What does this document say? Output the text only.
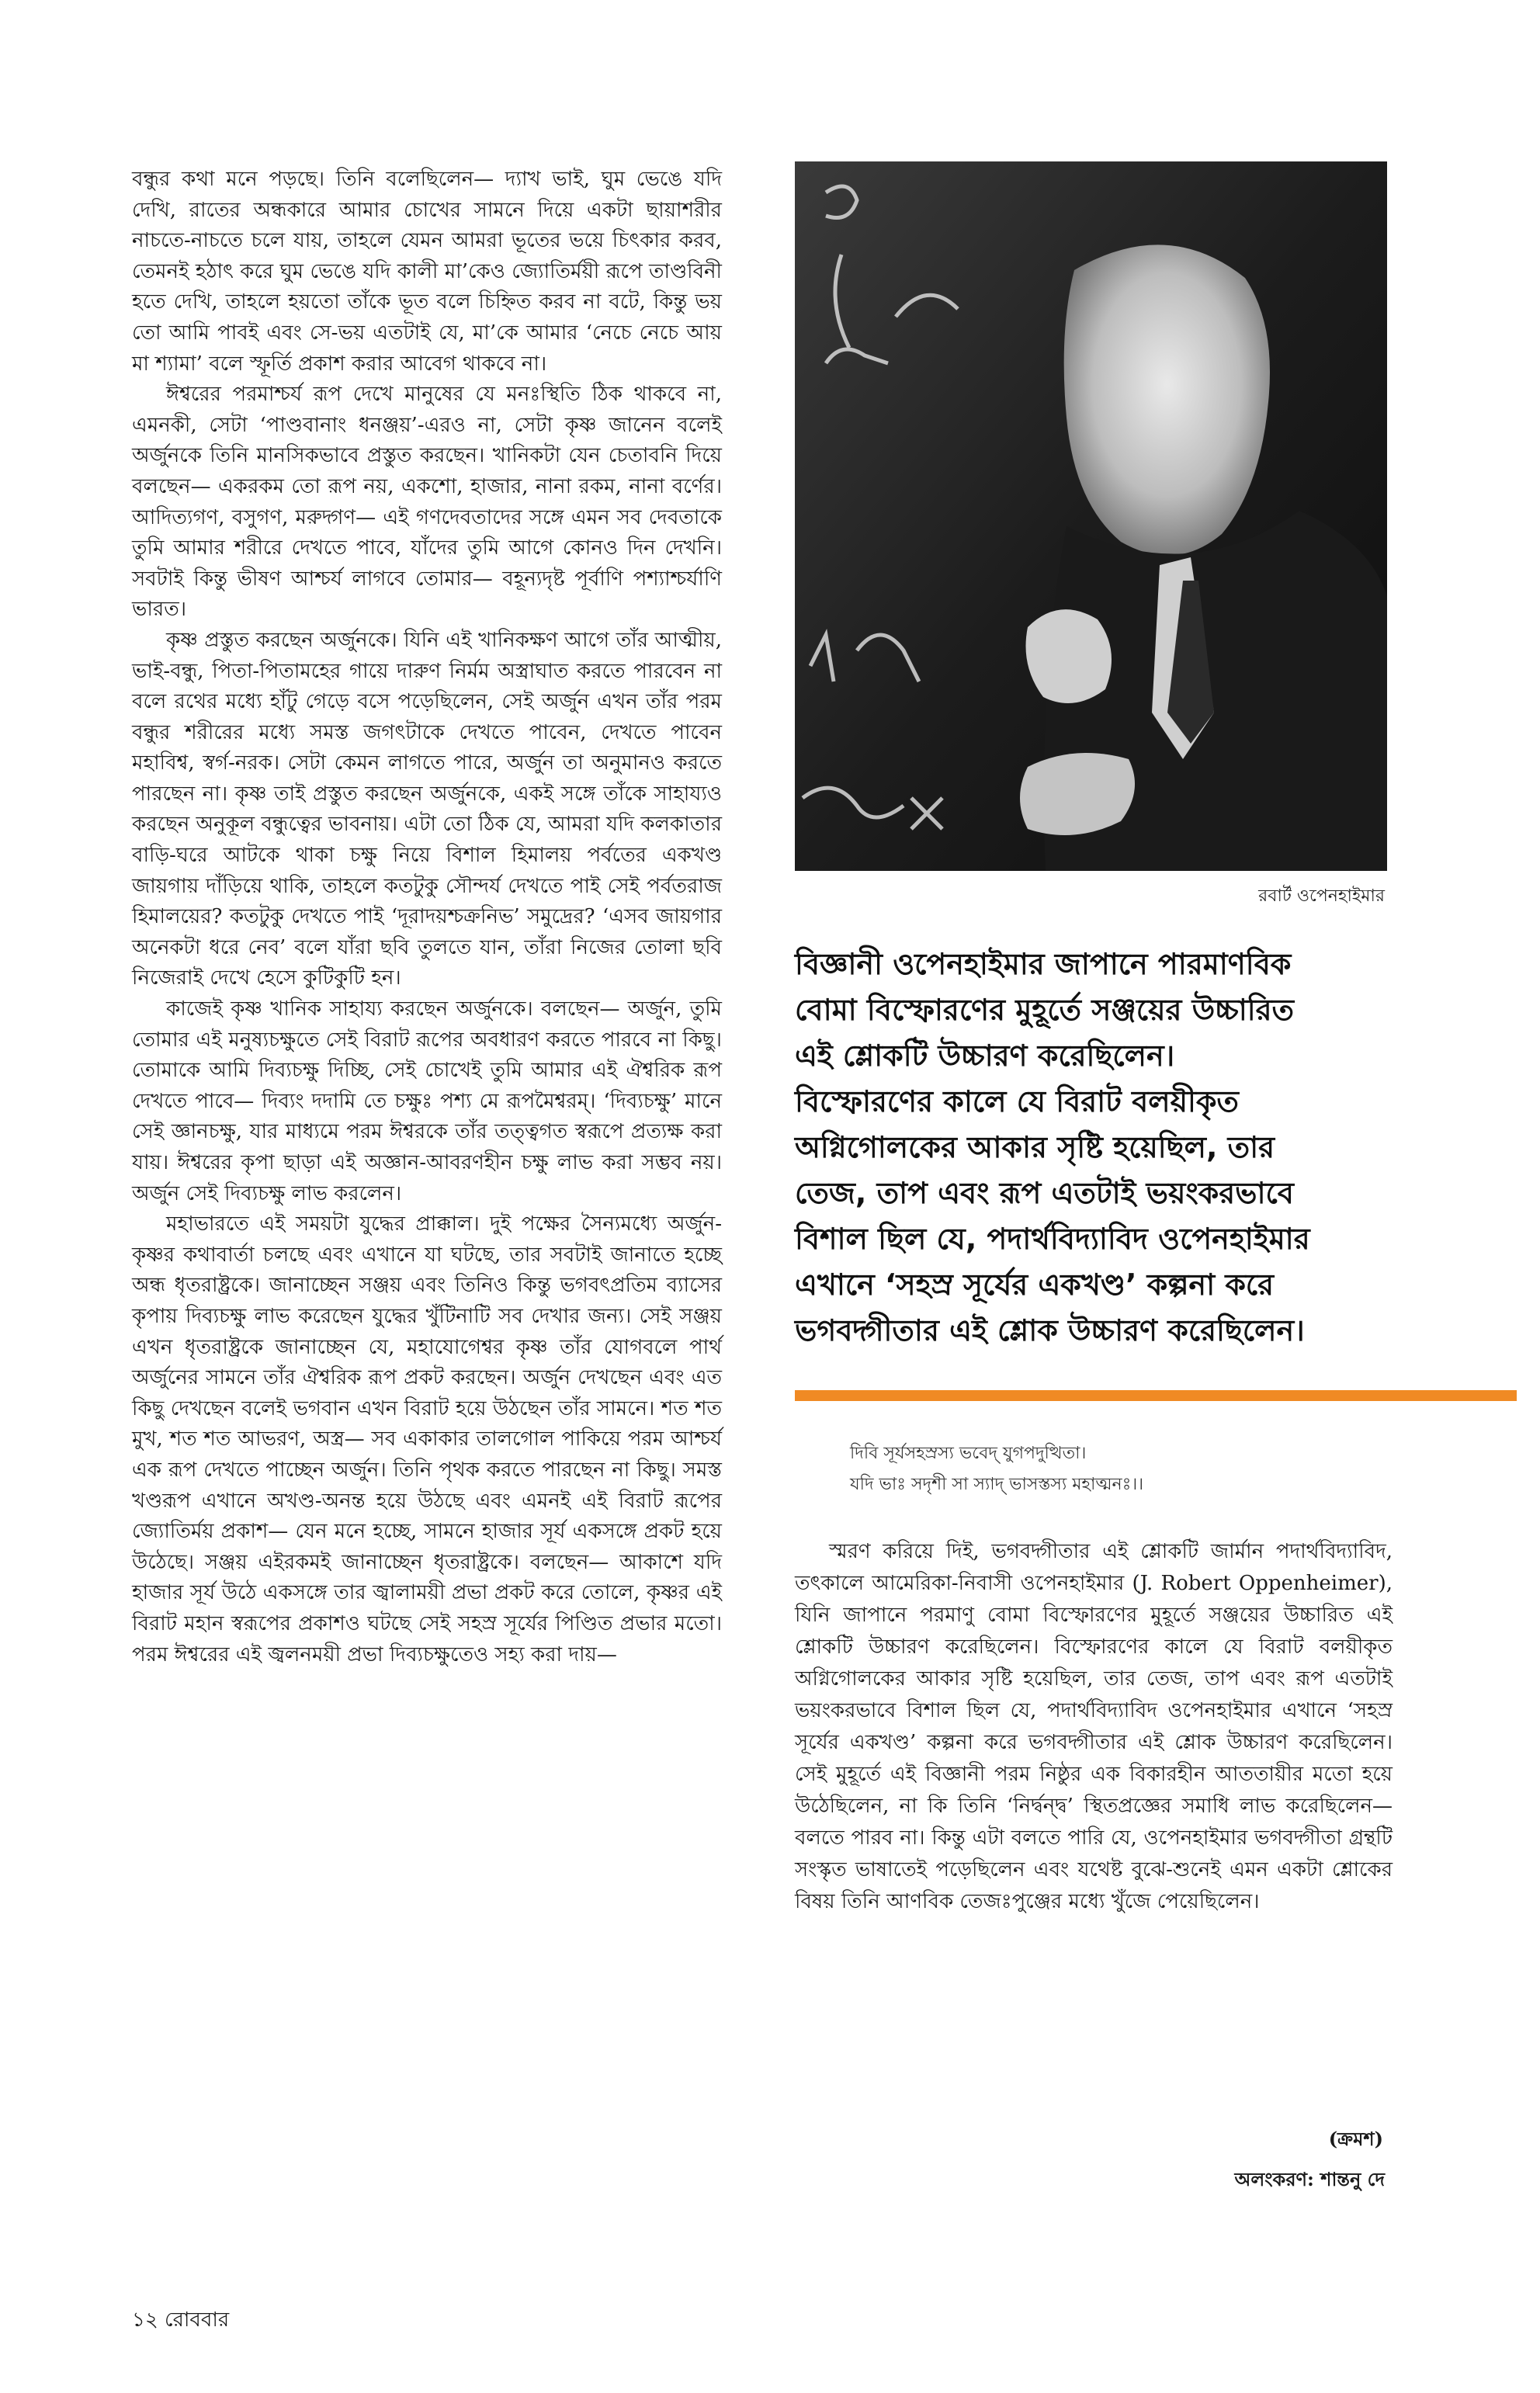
বন্ধুর কথা মনে পড়ছে। তিনি বলেছিলেন— দ্যাখ ভাই, ঘুম ভেঙে যদি দেখি, রাতের অন্ধকারে আমার চোখের সামনে দিয়ে একটা ছায়াশরীর নাচতে-নাচতে চলে যায়, তাহলে যেমন আমরা ভূতের ভয়ে চিৎকার করব, তেমনই হঠাৎ করে ঘুম ভেঙে যদি কালী মা’কেও জ্যোতির্ময়ী রূপে তাণ্ডবিনী হতে দেখি, তাহলে হয়তো তাঁকে ভূত বলে চিহ্নিত করব না বটে, কিন্তু ভয় তো আমি পাবই এবং সে-ভয় এতটাই যে, মা’কে আমার ‘নেচে নেচে আয় মা শ্যামা’ বলে স্ফূর্তি প্রকাশ করার আবেগ থাকবে না।

ঈশ্বরের পরমাশ্চর্য রূপ দেখে মানুষের যে মনঃস্থিতি ঠিক থাকবে না, এমনকী, সেটা ‘পাণ্ডবানাং ধনঞ্জয়’-এরও না, সেটা কৃষ্ণ জানেন বলেই অর্জুনকে তিনি মানসিকভাবে প্রস্তুত করছেন। খানিকটা যেন চেতাবনি দিয়ে বলছেন— একরকম তো রূপ নয়, একশো, হাজার, নানা রকম, নানা বর্ণের। আদিত্যগণ, বসুগণ, মরুদ্গণ— এই গণদেবতাদের সঙ্গে এমন সব দেবতাকে তুমি আমার শরীরে দেখতে পাবে, যাঁদের তুমি আগে কোনও দিন দেখনি। সবটাই কিন্তু ভীষণ আশ্চর্য লাগবে তোমার— বহূন্যদৃষ্ট পূর্বাণি পশ্যাশ্চর্যাণি ভারত।

কৃষ্ণ প্রস্তুত করছেন অর্জুনকে। যিনি এই খানিকক্ষণ আগে তাঁর আত্মীয়, ভাই-বন্ধু, পিতা-পিতামহের গায়ে দারুণ নির্মম অস্ত্রাঘাত করতে পারবেন না বলে রথের মধ্যে হাঁটু গেড়ে বসে পড়েছিলেন, সেই অর্জুন এখন তাঁর পরম বন্ধুর শরীরের মধ্যে সমস্ত জগৎটাকে দেখতে পাবেন, দেখতে পাবেন মহাবিশ্ব, স্বর্গ-নরক। সেটা কেমন লাগতে পারে, অর্জুন তা অনুমানও করতে পারছেন না। কৃষ্ণ তাই প্রস্তুত করছেন অর্জুনকে, একই সঙ্গে তাঁকে সাহায্যও করছেন অনুকূল বন্ধুত্বের ভাবনায়। এটা তো ঠিক যে, আমরা যদি কলকাতার বাড়ি-ঘরে আটকে থাকা চক্ষু নিয়ে বিশাল হিমালয় পর্বতের একখণ্ড জায়গায় দাঁড়িয়ে থাকি, তাহলে কতটুকু সৌন্দর্য দেখতে পাই সেই পর্বতরাজ হিমালয়ের? কতটুকু দেখতে পাই ‘দূরাদয়শ্চক্রনিভ’ সমুদ্রের? ‘এসব জায়গার অনেকটা ধরে নেব’ বলে যাঁরা ছবি তুলতে যান, তাঁরা নিজের তোলা ছবি নিজেরাই দেখে হেসে কুটিকুটি হন।

কাজেই কৃষ্ণ খানিক সাহায্য করছেন অর্জুনকে। বলছেন— অর্জুন, তুমি তোমার এই মনুষ্যচক্ষুতে সেই বিরাট রূপের অবধারণ করতে পারবে না কিছু। তোমাকে আমি দিব্যচক্ষু দিচ্ছি, সেই চোখেই তুমি আমার এই ঐশ্বরিক রূপ দেখতে পাবে— দিব্যং দদামি তে চক্ষুঃ পশ্য মে রূপমৈশ্বরম্। ‘দিব্যচক্ষু’ মানে সেই জ্ঞানচক্ষু, যার মাধ্যমে পরম ঈশ্বরকে তাঁর তত্ত্বগত স্বরূপে প্রত্যক্ষ করা যায়। ঈশ্বরের কৃপা ছাড়া এই অজ্ঞান-আবরণহীন চক্ষু লাভ করা সম্ভব নয়। অর্জুন সেই দিব্যচক্ষু লাভ করলেন।

মহাভারতে এই সময়টা যুদ্ধের প্রাক্কাল। দুই পক্ষের সৈন্যমধ্যে অর্জুন-কৃষ্ণর কথাবার্তা চলছে এবং এখানে যা ঘটছে, তার সবটাই জানাতে হচ্ছে অন্ধ ধৃতরাষ্ট্রকে। জানাচ্ছেন সঞ্জয় এবং তিনিও কিন্তু ভগবৎপ্রতিম ব্যাসের কৃপায় দিব্যচক্ষু লাভ করেছেন যুদ্ধের খুঁটিনাটি সব দেখার জন্য। সেই সঞ্জয় এখন ধৃতরাষ্ট্রকে জানাচ্ছেন যে, মহাযোগেশ্বর কৃষ্ণ তাঁর যোগবলে পার্থ অর্জুনের সামনে তাঁর ঐশ্বরিক রূপ প্রকট করছেন। অর্জুন দেখছেন এবং এত কিছু দেখছেন বলেই ভগবান এখন বিরাট হয়ে উঠছেন তাঁর সামনে। শত শত মুখ, শত শত আভরণ, অস্ত্র— সব একাকার তালগোল পাকিয়ে পরম আশ্চর্য এক রূপ দেখতে পাচ্ছেন অর্জুন। তিনি পৃথক করতে পারছেন না কিছু। সমস্ত খণ্ডরূপ এখানে অখণ্ড-অনন্ত হয়ে উঠছে এবং এমনই এই বিরাট রূপের জ্যোতির্ময় প্রকাশ— যেন মনে হচ্ছে, সামনে হাজার সূর্য একসঙ্গে প্রকট হয়ে উঠেছে। সঞ্জয় এইরকমই জানাচ্ছেন ধৃতরাষ্ট্রকে। বলছেন— আকাশে যদি হাজার সূর্য উঠে একসঙ্গে তার জ্বালাময়ী প্রভা প্রকট করে তোলে, কৃষ্ণর এই বিরাট মহান স্বরূপের প্রকাশও ঘটছে সেই সহস্র সূর্যের পিণ্ডিত প্রভার মতো। পরম ঈশ্বরের এই জ্বলনময়ী প্রভা দিব্যচক্ষুতেও সহ্য করা দায়—

রবার্ট ওপেনহাইমার

বিজ্ঞানী ওপেনহাইমার জাপানে পারমাণবিক

বোমা বিস্ফোরণের মুহূর্তে সঞ্জয়ের উচ্চারিত

এই শ্লোকটি উচ্চারণ করেছিলেন।

বিস্ফোরণের কালে যে বিরাট বলয়ীকৃত

অগ্নিগোলকের আকার সৃষ্টি হয়েছিল, তার

তেজ, তাপ এবং রূপ এতটাই ভয়ংকরভাবে

বিশাল ছিল যে, পদার্থবিদ্যাবিদ ওপেনহাইমার

এখানে ‘সহস্র সূর্যের একখণ্ড’ কল্পনা করে

ভগবদ্গীতার এই শ্লোক উচ্চারণ করেছিলেন।

দিবি সূর্যসহস্রস্য ভবেদ্ যুগপদুত্থিতা।

যদি ভাঃ সদৃশী সা স্যাদ্ ভাসস্তস্য মহাত্মনঃ।।

স্মরণ করিয়ে দিই, ভগবদ্গীতার এই শ্লোকটি জার্মান পদার্থবিদ্যাবিদ, তৎকালে আমেরিকা-নিবাসী ওপেনহাইমার (J. Robert Oppenheimer), যিনি জাপানে পরমাণু বোমা বিস্ফোরণের মুহূর্তে সঞ্জয়ের উচ্চারিত এই শ্লোকটি উচ্চারণ করেছিলেন। বিস্ফোরণের কালে যে বিরাট বলয়ীকৃত অগ্নিগোলকের আকার সৃষ্টি হয়েছিল, তার তেজ, তাপ এবং রূপ এতটাই ভয়ংকরভাবে বিশাল ছিল যে, পদার্থবিদ্যাবিদ ওপেনহাইমার এখানে ‘সহস্র সূর্যের একখণ্ড’ কল্পনা করে ভগবদ্গীতার এই শ্লোক উচ্চারণ করেছিলেন। সেই মুহূর্তে এই বিজ্ঞানী পরম নিষ্ঠুর এক বিকারহীন আততায়ীর মতো হয়ে উঠেছিলেন, না কি তিনি ‘নির্দ্বন্দ্ব’ স্থিতপ্রজ্ঞের সমাধি লাভ করেছিলেন— বলতে পারব না। কিন্তু এটা বলতে পারি যে, ওপেনহাইমার ভগবদ্গীতা গ্রন্থটি সংস্কৃত ভাষাতেই পড়েছিলেন এবং যথেষ্ট বুঝে-শুনেই এমন একটা শ্লোকের বিষয় তিনি আণবিক তেজঃপুঞ্জের মধ্যে খুঁজে পেয়েছিলেন।

(ক্রমশ)
অলংকরণ: শান্তনু দে
১২ রোববার
